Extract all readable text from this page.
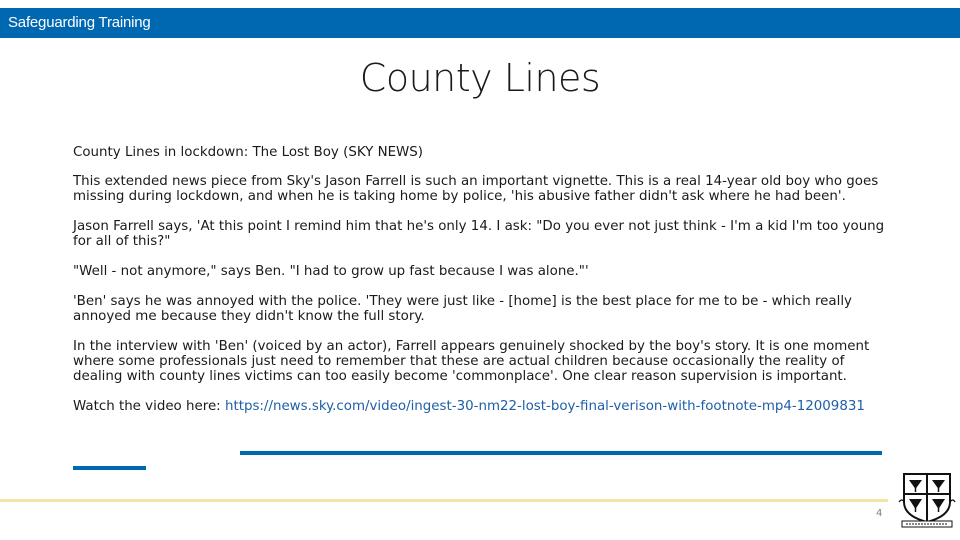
Safeguarding Training
County Lines

County Lines in lockdown: The Lost Boy (SKY NEWS)

This extended news piece from Sky's Jason Farrell is such an important vignette. This is a real 14-year old boy who goes missing during lockdown, and when he is taking home by police, 'his abusive father didn't ask where he had been'.

Jason Farrell says, 'At this point I remind him that he's only 14. I ask: "Do you ever not just think - I'm a kid I'm too young for all of this?"

"Well - not anymore," says Ben. "I had to grow up fast because I was alone."'

'Ben' says he was annoyed with the police. 'They were just like - [home] is the best place for me to be - which really annoyed me because they didn't know the full story.

In the interview with 'Ben' (voiced by an actor), Farrell appears genuinely shocked by the boy's story. It is one moment where some professionals just need to remember that these are actual children because occasionally the reality of dealing with county lines victims can too easily become 'commonplace'. One clear reason supervision is important.

Watch the video here: https://news.sky.com/video/ingest-30-nm22-lost-boy-final-verison-with-footnote-mp4-12009831

4
